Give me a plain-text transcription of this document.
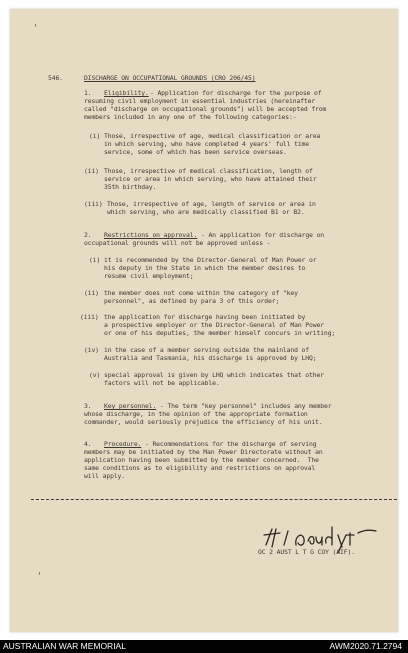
'
'
546.	DISCHARGE ON OCCUPATIONAL GROUNDS (CRO 206/45)
1. Eligibility. - Application for discharge for the purpose of
resuming civil employment in essential industries (hereinafter
called "discharge on occupational grounds") will be accepted from
members included in any one of the following categories:-
(i) Those, irrespective of age, medical classification or area
in which serving, who have completed 4 years' full time
service, some of which has been service overseas.
(ii) Those, irrespective of medical classification, length of
service or area in which serving, who have attained their
35th birthday.
(iii) Those, irrespective of age, length of service or area in
which serving, who are medically classified B1 or B2.
2. Restrictions on approval. - An application for discharge on
occupational grounds will not be approved unless -
(i) it is recommended by the Director-General of Man Power or
his deputy in the State in which the member desires to
resume civil employment;
(ii) the member does not come within the category of "key
personnel", as defined by para 3 of this order;
(iii) the application for discharge having been initiated by
a prospective employer or the Director-General of Man Power
or one of his deputies, the member himself concurs in writing;
(iv) in the case of a member serving outside the mainland of
Australia and Tasmania, his discharge is approved by LHQ;
(v) special approval is given by LHQ which indicates that other
factors will not be applicable.
3. Key personnel. - The term "key personnel" includes any member
whose discharge, in the opinion of the appropriate formation
commander, would seriously prejudice the efficiency of his unit.
4. Procedure. - Recommendations for the discharge of serving
members may be initiated by the Man Power Directorate without an
application having been submitted by the member concerned.  The
same conditions as to eligibility and restrictions on approval
will apply.
OC 2 AUST L T G COY (AIF).
AUSTRALIAN WAR MEMORIAL	AWM2020.71.2794
